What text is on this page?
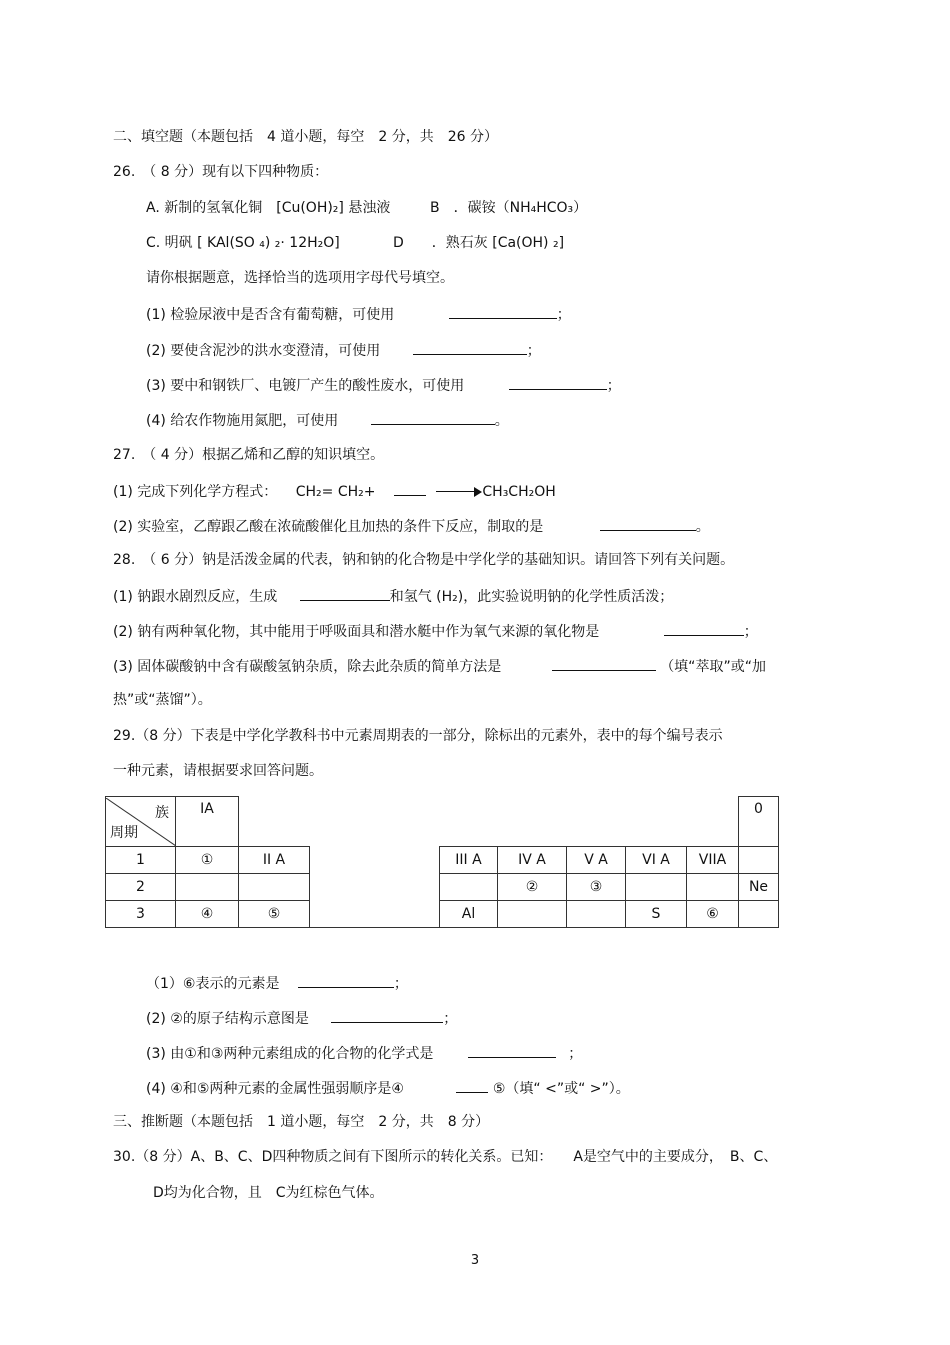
二、填空题（本题包括　4 道小题，每空　2 分，共　26 分）
26.　（ 8 分）现有以下四种物质：
A. 新制的氢氧化铜　[Cu(OH)₂] 悬浊液	B　．碳铵（NH₄HCO₃）
C. 明矾 [ KAl(SO ₄) ₂· 12H₂O]	D　　．熟石灰 [Ca(OH) ₂]
请你根据题意，选择恰当的选项用字母代号填空。
(1) 检验尿液中是否含有葡萄糖，可使用	；
(2) 要使含泥沙的洪水变澄清，可使用	；
(3) 要中和钢铁厂、电镀厂产生的酸性废水，可使用	；
(4) 给农作物施用氮肥，可使用	。
27.　（ 4 分）根据乙烯和乙醇的知识填空。
(1) 完成下列化学方程式： CH₂= CH₂+	CH₃CH₂OH
(2) 实验室，乙醇跟乙酸在浓硫酸催化且加热的条件下反应，制取的是	。
28.　（ 6 分）钠是活泼金属的代表，钠和钠的化合物是中学化学的基础知识。请回答下列有关问题。
(1) 钠跟水剧烈反应，生成	和氢气 (H₂)，此实验说明钠的化学性质活泼；
(2) 钠有两种氧化物，其中能用于呼吸面具和潜水艇中作为氧气来源的氧化物是	；
(3) 固体碳酸钠中含有碳酸氢钠杂质，除去此杂质的简单方法是	（填“萃取”或“加
热”或“蒸馏”）。
29.（8 分）下表是中学化学教科书中元素周期表的一部分，除标出的元素外，表中的每个编号表示
一种元素，请根据要求回答问题。
族
周期	IA								0
1	①	II A		III A	IV A	V A	VI A	VIIA	
2					②	③			Ne
3	④	⑤		Al			S	⑥	
（1）⑥表示的元素是	；
(2) ②的原子结构示意图是	；
(3) 由①和③两种元素组成的化合物的化学式是	；
(4) ④和⑤两种元素的金属性强弱顺序是④	⑤（填“ <”或“ >”）。
三、推断题（本题包括　1 道小题，每空　2 分，共　8 分）
30.（8 分）A、B、C、D四种物质之间有下图所示的转化关系。已知：　　A是空气中的主要成分，　B、C、
D均为化合物，且　C为红棕色气体。
3
